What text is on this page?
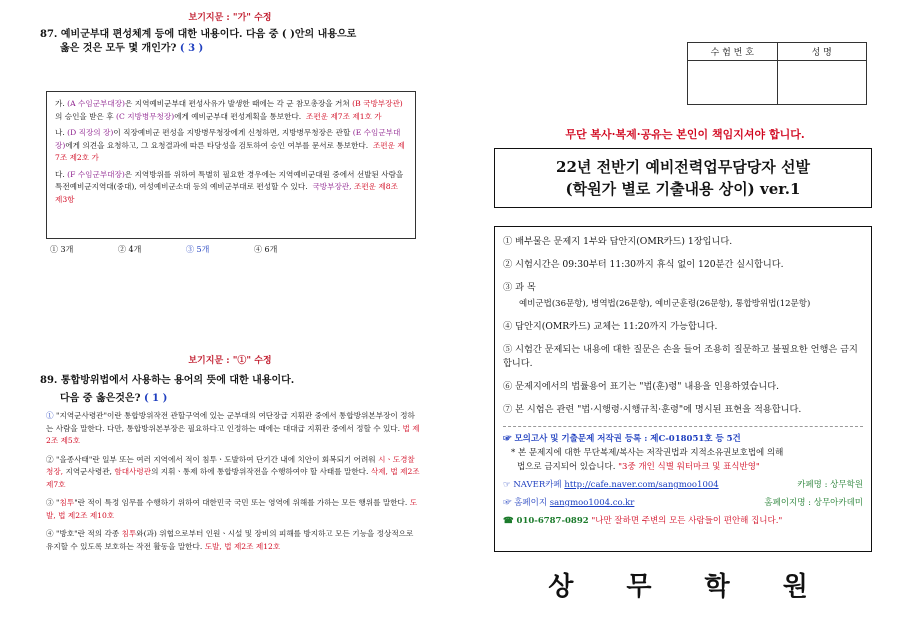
보기지문 : "가" 수정
87. 예비군부대 편성체계 등에 대한 내용이다. 다음 중 ( )안의 내용으로
옳은 것은 모두 몇 개인가? ( 3 )
가. (A 수임군부대장)은 지역예비군부대 편성사유가 발생한 때에는 각 군 참모총장을 거쳐 (B 국방부장관)의 승인을 받은 후 (C 지방병무청장)에게 예비군부대 편성계획을 통보한다. 조편운 제7조 제1호 가
나. (D 직장의 장)이 직장예비군 편성을 지방병무청장에게 신청하면, 지방병무청장은 관할 (E 수임군부대장)에게 의견을 요청하고, 그 요청결과에 따른 타당성을 검토하여 승인 여부를 문서로 통보한다. 조편운 제7조 제2호 가
다. (F 수임군부대장)은 지역방위를 위하여 특별히 필요한 경우에는 지역예비군대원 중에서 선발된 사람을 특전예비군지역대(중대), 여성예비군소대 등의 예비군부대로 편성할 수 있다. 국방부장관, 조편운 제8조 제3항
① 3개	② 4개	③ 5개	④ 6개
보기지문 : "①" 수정
89. 통합방위법에서 사용하는 용어의 뜻에 대한 내용이다.
다음 중 옳은것은? ( 1 )
① "지역군사령관"이란 통합방위작전 관할구역에 있는 군부대의 여단장급 지휘관 중에서 통합방위본부장이 정하는 사람을 말한다. 다만, 통합방위본부장은 필요하다고 인정하는 때에는 대대급 지휘관 중에서 정할 수 있다. 법 제2조 제5호
② "을종사태"란 일부 또는 여러 지역에서 적이 침투ㆍ도발하여 단기간 내에 치안이 회복되기 어려워 시ㆍ도경찰청장, 지역군사령관, 함대사령관의 지휘ㆍ통제 하에 통합방위작전을 수행하여야 할 사태를 말한다. 삭제, 법 제2조 제7호
③ "침투"란 적이 특정 임무를 수행하기 위하여 대한민국 국민 또는 영역에 위해를 가하는 모든 행위를 말한다. 도발, 법 제2조 제10호
④ "방호"란 적의 각종 침투와(과) 위협으로부터 인원ㆍ시설 및 장비의 피해를 방지하고 모든 기능을 정상적으로 유지할 수 있도록 보호하는 작전 활동을 말한다. 도발, 법 제2조 제12호
수 험 번 호	성 명

무단 복사·복제·공유는 본인이 책임지셔야 합니다.
22년 전반기 예비전력업무담당자 선발
(학원가 별로 기출내용 상이) ver.1
① 배부물은 문제지 1부와 답안지(OMR카드) 1장입니다.
② 시험시간은 09:30부터 11:30까지 휴식 없이 120분간 실시합니다.
③ 과 목
예비군법(36문항), 병역법(26문항), 예비군훈령(26문항), 통합방위법(12문항)
④ 답안지(OMR카드) 교체는 11:20까지 가능합니다.
⑤ 시험간 문제되는 내용에 대한 질문은 손을 들어 조용히 질문하고 불필요한 언행은 금지합니다.
⑥ 문제지에서의 법률용어 표기는 "법(훈)령" 내용을 인용하였습니다.
⑦ 본 시험은 관련 "법·시행령·시행규칙·훈령"에 명시된 표현을 적용합니다.
☞ 모의고사 및 기출문제 저작권 등록 : 제C-018051호 등 5건
* 본 문제지에 대한 무단복제/복사는 저작권법과 지적소유권보호법에 의해
법으로 금지되어 있습니다. "3중 개인 식별 워터마크 및 표식반영"
☞ NAVER카페 http://cafe.naver.com/sangmoo1004	카페명 : 상무학원
☞ 홈페이지 sangmoo1004.co.kr	홈페이지명 : 상무아카데미
☎ 010-6787-0892 "나만 잘하면 주변의 모든 사람들이 편안해 집니다."
상 무 학 원
